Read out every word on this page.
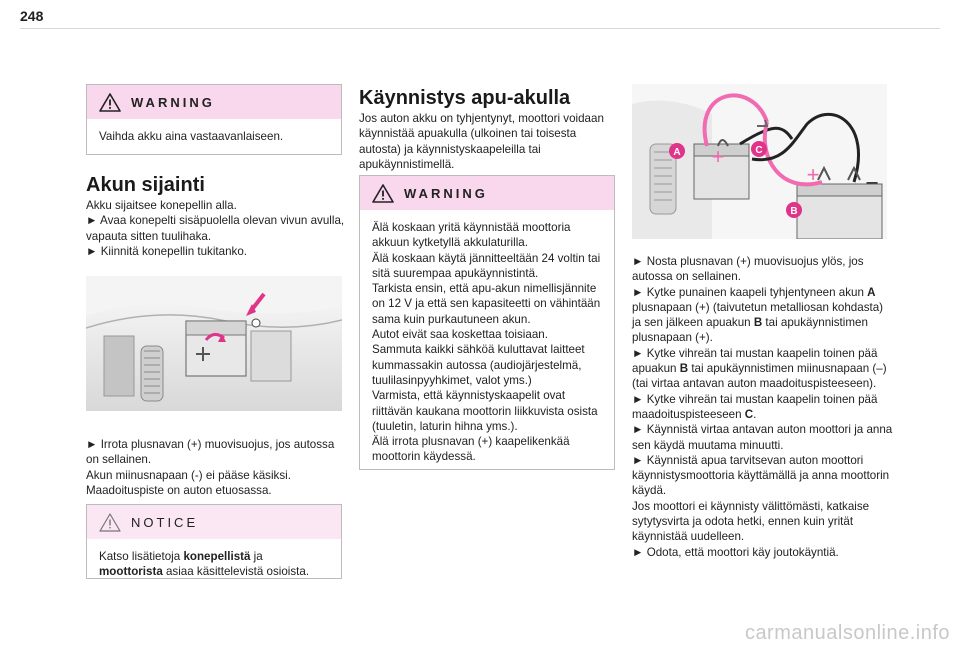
248
WARNING
Vaihda akku aina vastaavanlaiseen.
Akun sijainti
Akku sijaitsee konepellin alla.
► Avaa konepelti sisäpuolella olevan vivun avulla, vapauta sitten tuulihaka.
► Kiinnitä konepellin tukitanko.
► Irrota plusnavan (+) muovisuojus, jos autossa on sellainen.
Akun miinusnapaan (-) ei pääse käsiksi.
Maadoituspiste on auton etuosassa.
NOTICE
Katso lisätietoja konepellistä ja moottorista asiaa käsittelevistä osioista.
Käynnistys apu-akulla
Jos auton akku on tyhjentynyt, moottori voidaan käynnistää apuakulla (ulkoinen tai toisesta autosta) ja käynnistyskaapeleilla tai apukäynnistimellä.
WARNING
Älä koskaan yritä käynnistää moottoria akkuun kytketyllä akkulaturilla.
Älä koskaan käytä jännitteeltään 24 voltin tai sitä suurempaa apukäynnistintä.
Tarkista ensin, että apu-akun nimellisjännite on 12 V ja että sen kapasiteetti on vähintään sama kuin purkautuneen akun.
Autot eivät saa koskettaa toisiaan.
Sammuta kaikki sähköä kuluttavat laitteet kummassakin autossa (audiojärjestelmä, tuulilasinpyyhkimet, valot yms.)
Varmista, että käynnistyskaapelit ovat riittävän kaukana moottorin liikkuvista osista (tuuletin, laturin hihna yms.).
Älä irrota plusnavan (+) kaapelikenkää moottorin käydessä.
A	C
B
+
+ –

► Nosta plusnavan (+) muovisuojus ylös, jos autossa on sellainen.

► Kytke punainen kaapeli tyhjentyneen akun A plusnapaan (+) (taivutetun metalliosan kohdasta) ja sen jälkeen apuakun B tai apukäynnistimen plusnapaan (+).

► Kytke vihreän tai mustan kaapelin toinen pää apuakun B tai apukäynnistimen miinusnapaan (–) (tai virtaa antavan auton maadoituspisteeseen).

► Kytke vihreän tai mustan kaapelin toinen pää maadoituspisteeseen C.

► Käynnistä virtaa antavan auton moottori ja anna sen käydä muutama minuutti.

► Käynnistä apua tarvitsevan auton moottori käynnistysmoottoria käyttämällä ja anna moottorin käydä.

Jos moottori ei käynnisty välittömästi, katkaise sytytysvirta ja odota hetki, ennen kuin yrität käynnistää uudelleen.

► Odota, että moottori käy joutokäyntiä.

carmanualsonline.info
